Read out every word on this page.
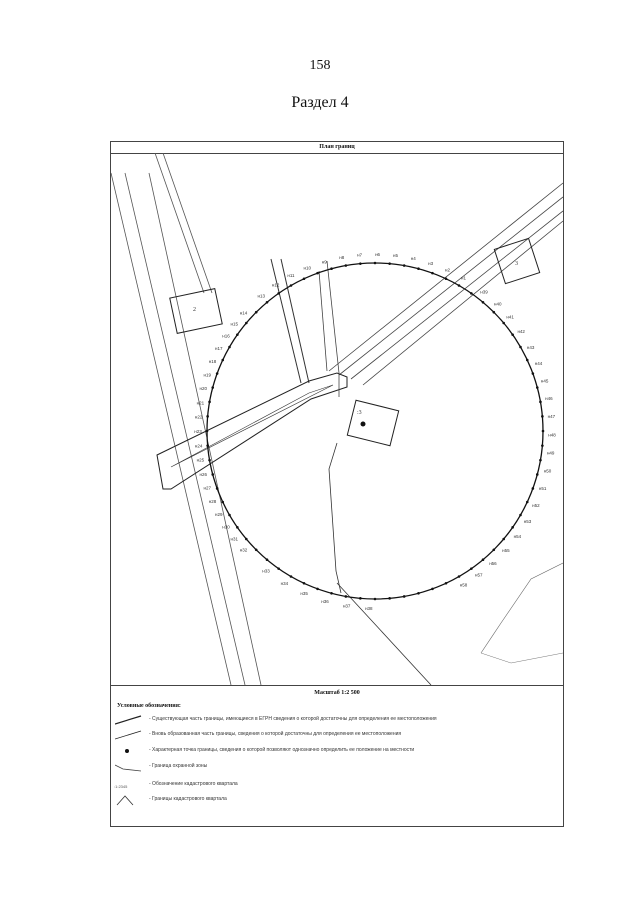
158
Раздел 4
План границ
2
3
:3
н13
н12
н11
н10
н9
н8	н7	н6	н5
н4
н3
н2
н1
н14
н15
н16
н17
н18
н19
н20
н21
н22
н23
н24
н25
н26
н27
н28
н29
н30
н31
н32
н33
н34
н35
н36
н37	н38
н58
н57
н56
н55
н54
н53
н52
н51
н50
н49
н48
н47
н46
н45
н44
н43
н42
н41
н40
н39
Масштаб 1:2 500
Условные обозначения:
- Существующая часть границы, имеющиеся в ЕГРН сведения о которой достаточны для определения ее местоположения
- Вновь образованная часть границы, сведения о которой достаточны для определения ее местоположения
- Характерная точка границы, сведения о которой позволяют однозначно определить ее положение на местности
- Граница охранной зоны
:1:2345	- Обозначение кадастрового квартала
- Границы кадастрового квартала
